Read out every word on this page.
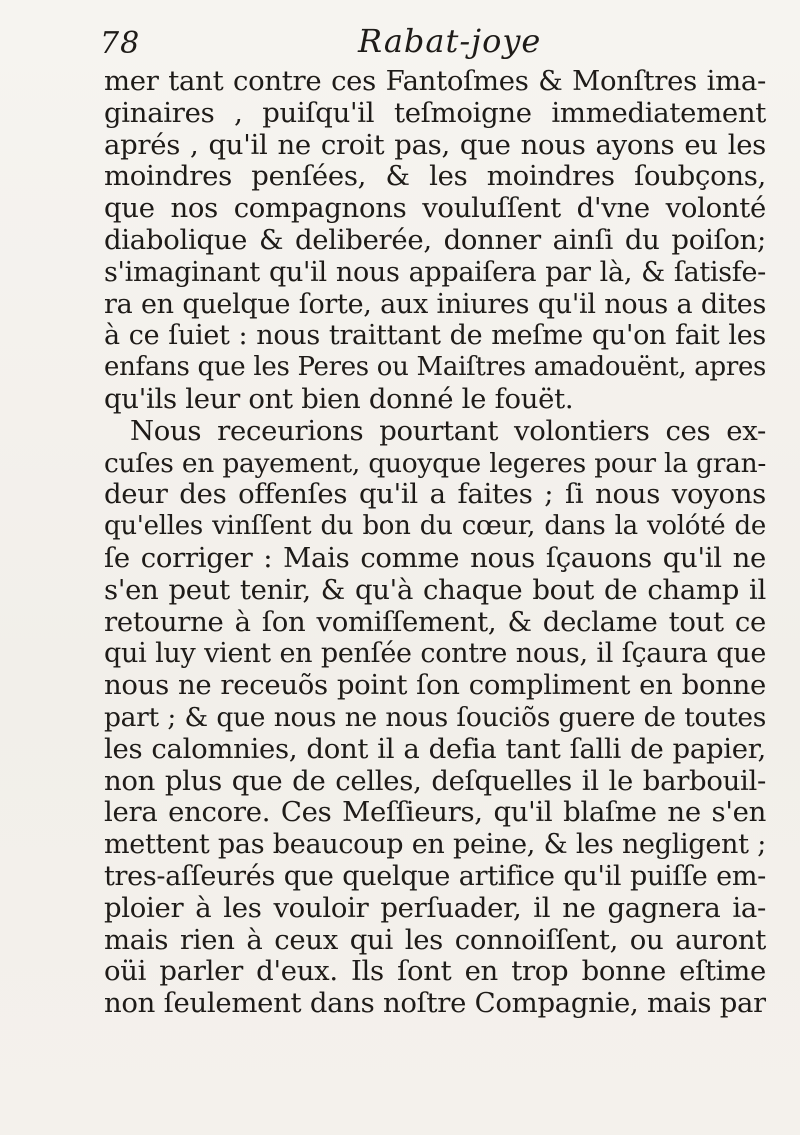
78	Rabat-joye
mer tant contre ces Fantoſmes & Monſtres ima-
ginaires , puiſqu'il teſmoigne immediatement
aprés , qu'il ne croit pas, que nous ayons eu les
moindres penſées, & les moindres ſoubçons,
que nos compagnons vouluſſent d'vne volonté
diabolique & deliberée, donner ainſi du poiſon;
s'imaginant qu'il nous appaiſera par là, & ſatisfe-
ra en quelque ſorte, aux iniures qu'il nous a dites
à ce ſuiet : nous traittant de meſme qu'on fait les
enfans que les Peres ou Maiſtres amadouënt, apres
qu'ils leur ont bien donné le fouët.
Nous receurions pourtant volontiers ces ex-
cuſes en payement, quoyque legeres pour la gran-
deur des offenſes qu'il a faites ; ſi nous voyons
qu'elles vinſſent du bon du cœur, dans la volóté de
ſe corriger : Mais comme nous ſçauons qu'il ne
s'en peut tenir, & qu'à chaque bout de champ il
retourne à ſon vomiſſement, & declame tout ce
qui luy vient en penſée contre nous, il ſçaura que
nous ne receuõs point ſon compliment en bonne
part ; & que nous ne nous ſouciõs guere de toutes
les calomnies, dont il a defia tant ſalli de papier,
non plus que de celles, deſquelles il le barbouil-
lera encore. Ces Meſſieurs, qu'il blaſme ne s'en
mettent pas beaucoup en peine, & les negligent ;
tres-aſſeurés que quelque artifice qu'il puiſſe em-
ploier à les vouloir perſuader, il ne gagnera ia-
mais rien à ceux qui les connoiſſent, ou auront
oüi parler d'eux. Ils ſont en trop bonne eſtime
non ſeulement dans noſtre Compagnie, mais par
